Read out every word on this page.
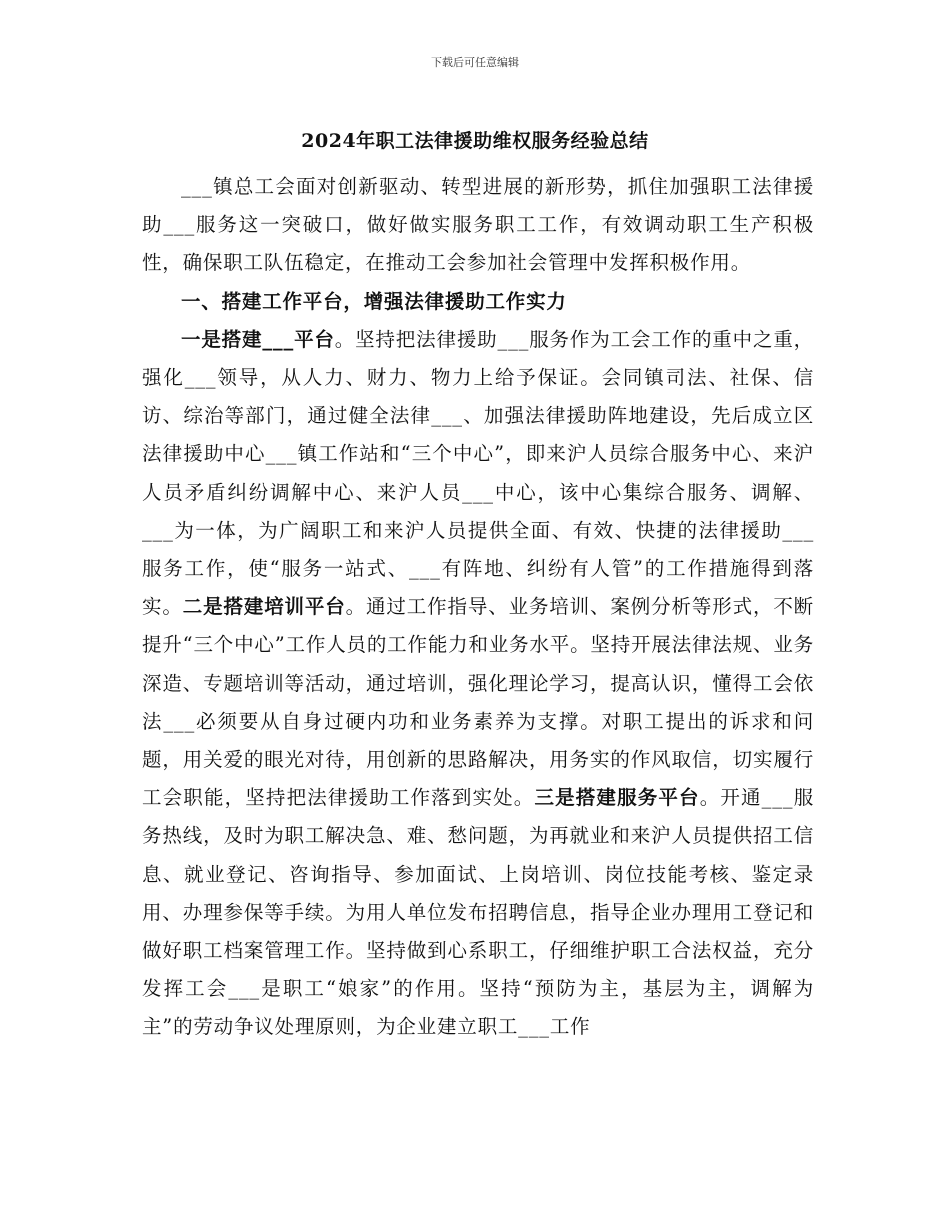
下载后可任意编辑
2024年职工法律援助维权服务经验总结

___镇总工会面对创新驱动、转型进展的新形势，抓住加强职工法律援助___服务这一突破口，做好做实服务职工工作，有效调动职工生产积极性，确保职工队伍稳定，在推动工会参加社会管理中发挥积极作用。

一、搭建工作平台，增强法律援助工作实力

一是搭建___平台。坚持把法律援助___服务作为工会工作的重中之重，强化___领导，从人力、财力、物力上给予保证。会同镇司法、社保、信访、综治等部门，通过健全法律___、加强法律援助阵地建设，先后成立区法律援助中心___镇工作站和“三个中心”，即来沪人员综合服务中心、来沪人员矛盾纠纷调解中心、来沪人员___中心，该中心集综合服务、调解、___为一体，为广阔职工和来沪人员提供全面、有效、快捷的法律援助___服务工作，使“服务一站式、___有阵地、纠纷有人管”的工作措施得到落实。二是搭建培训平台。通过工作指导、业务培训、案例分析等形式，不断提升“三个中心”工作人员的工作能力和业务水平。坚持开展法律法规、业务深造、专题培训等活动，通过培训，强化理论学习，提高认识，懂得工会依法___必须要从自身过硬内功和业务素养为支撑。对职工提出的诉求和问题，用关爱的眼光对待，用创新的思路解决，用务实的作风取信，切实履行工会职能，坚持把法律援助工作落到实处。三是搭建服务平台。开通___服务热线，及时为职工解决急、难、愁问题，为再就业和来沪人员提供招工信息、就业登记、咨询指导、参加面试、上岗培训、岗位技能考核、鉴定录用、办理参保等手续。为用人单位发布招聘信息，指导企业办理用工登记和做好职工档案管理工作。坚持做到心系职工，仔细维护职工合法权益，充分发挥工会___是职工“娘家”的作用。坚持“预防为主，基层为主，调解为主”的劳动争议处理原则，为企业建立职工___工作
